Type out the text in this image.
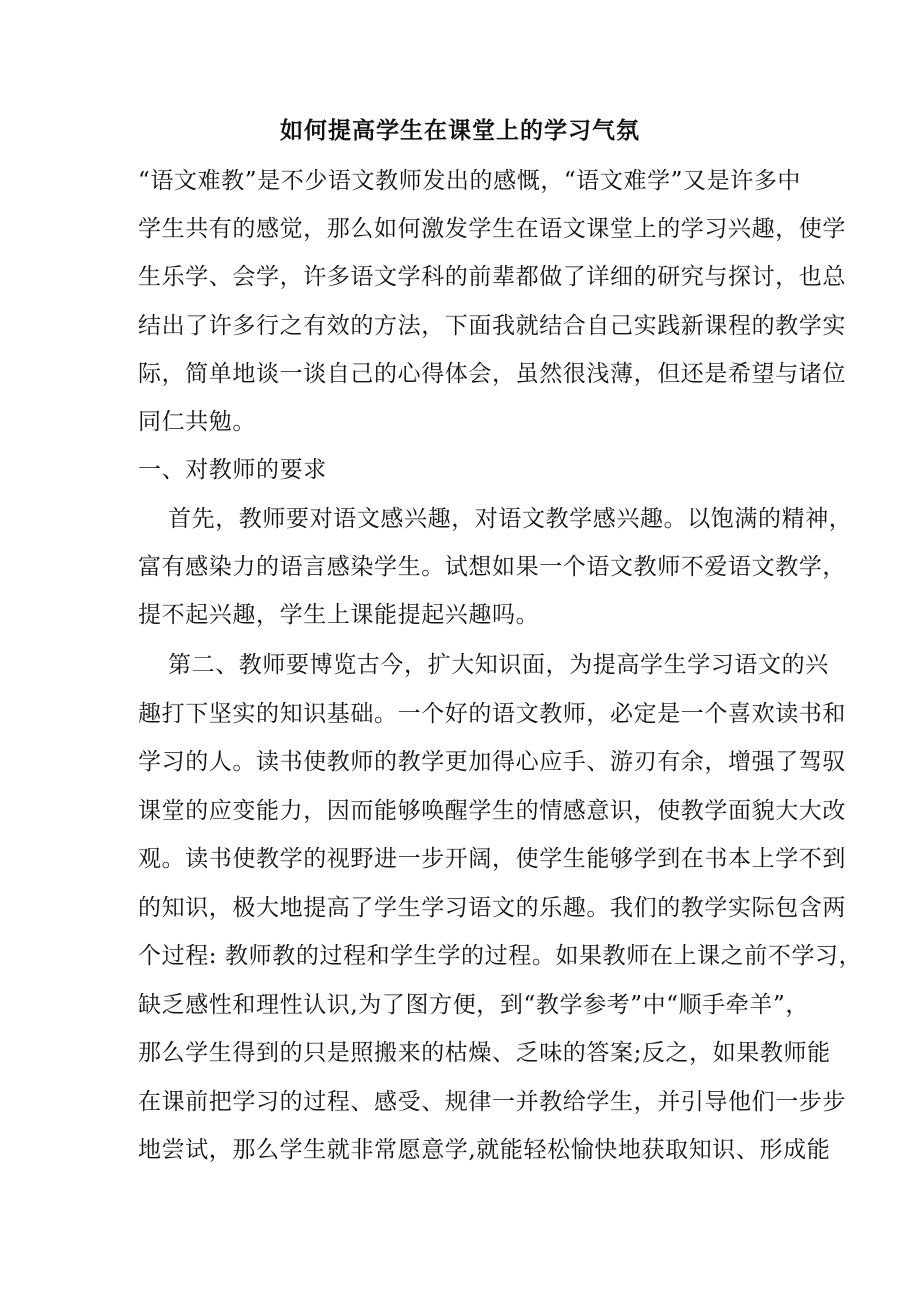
如何提高学生在课堂上的学习气氛
“语文难教”是不少语文教师发出的感慨，“语文难学”又是许多中
学生共有的感觉，那么如何激发学生在语文课堂上的学习兴趣，使学
生乐学、会学，许多语文学科的前辈都做了详细的研究与探讨，也总
结出了许多行之有效的方法，下面我就结合自己实践新课程的教学实
际，简单地谈一谈自己的心得体会，虽然很浅薄，但还是希望与诸位
同仁共勉。
一、对教师的要求
首先，教师要对语文感兴趣，对语文教学感兴趣。以饱满的精神，
富有感染力的语言感染学生。试想如果一个语文教师不爱语文教学，
提不起兴趣，学生上课能提起兴趣吗。
第二、教师要博览古今，扩大知识面，为提高学生学习语文的兴
趣打下坚实的知识基础。一个好的语文教师，必定是一个喜欢读书和
学习的人。读书使教师的教学更加得心应手、游刃有余，增强了驾驭
课堂的应变能力，因而能够唤醒学生的情感意识，使教学面貌大大改
观。读书使教学的视野进一步开阔，使学生能够学到在书本上学不到
的知识，极大地提高了学生学习语文的乐趣。我们的教学实际包含两
个过程: 教师教的过程和学生学的过程。如果教师在上课之前不学习，
缺乏感性和理性认识,为了图方便，到“教学参考”中“顺手牵羊”，
那么学生得到的只是照搬来的枯燥、乏味的答案;反之，如果教师能
在课前把学习的过程、感受、规律一并教给学生，并引导他们一步步
地尝试，那么学生就非常愿意学,就能轻松愉快地获取知识、形成能
